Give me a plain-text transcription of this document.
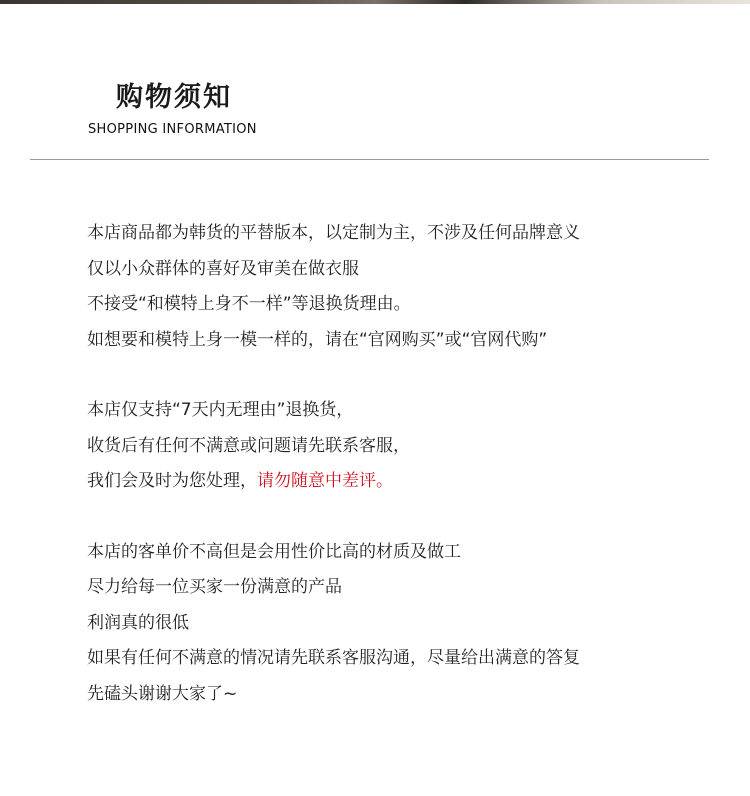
购物须知
SHOPPING INFORMATION
本店商品都为韩货的平替版本，以定制为主，不涉及任何品牌意义
仅以小众群体的喜好及审美在做衣服
不接受“和模特上身不一样”等退换货理由。
如想要和模特上身一模一样的，请在“官网购买”或“官网代购”
本店仅支持“7天内无理由”退换货，
收货后有任何不满意或问题请先联系客服，
我们会及时为您处理，请勿随意中差评。
本店的客单价不高但是会用性价比高的材质及做工
尽力给每一位买家一份满意的产品
利润真的很低
如果有任何不满意的情况请先联系客服沟通，尽量给出满意的答复
先磕头谢谢大家了~
